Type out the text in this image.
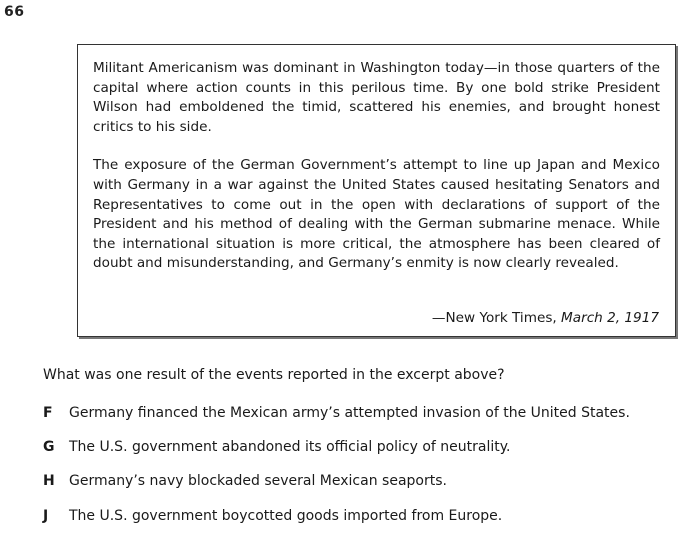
66

Militant Americanism was dominant in Washington today—in those quarters of the capital where action counts in this perilous time. By one bold strike President Wilson had emboldened the timid, scattered his enemies, and brought honest critics to his side.

The exposure of the German Government’s attempt to line up Japan and Mexico with Germany in a war against the United States caused hesitating Senators and Representatives to come out in the open with declarations of support of the President and his method of dealing with the German submarine menace. While the international situation is more critical, the atmosphere has been cleared of doubt and misunderstanding, and Germany’s enmity is now clearly revealed.

—New York Times, March 2, 1917
What was one result of the events reported in the excerpt above?
F Germany financed the Mexican army’s attempted invasion of the United States.
G The U.S. government abandoned its official policy of neutrality.
H Germany’s navy blockaded several Mexican seaports.
J The U.S. government boycotted goods imported from Europe.
